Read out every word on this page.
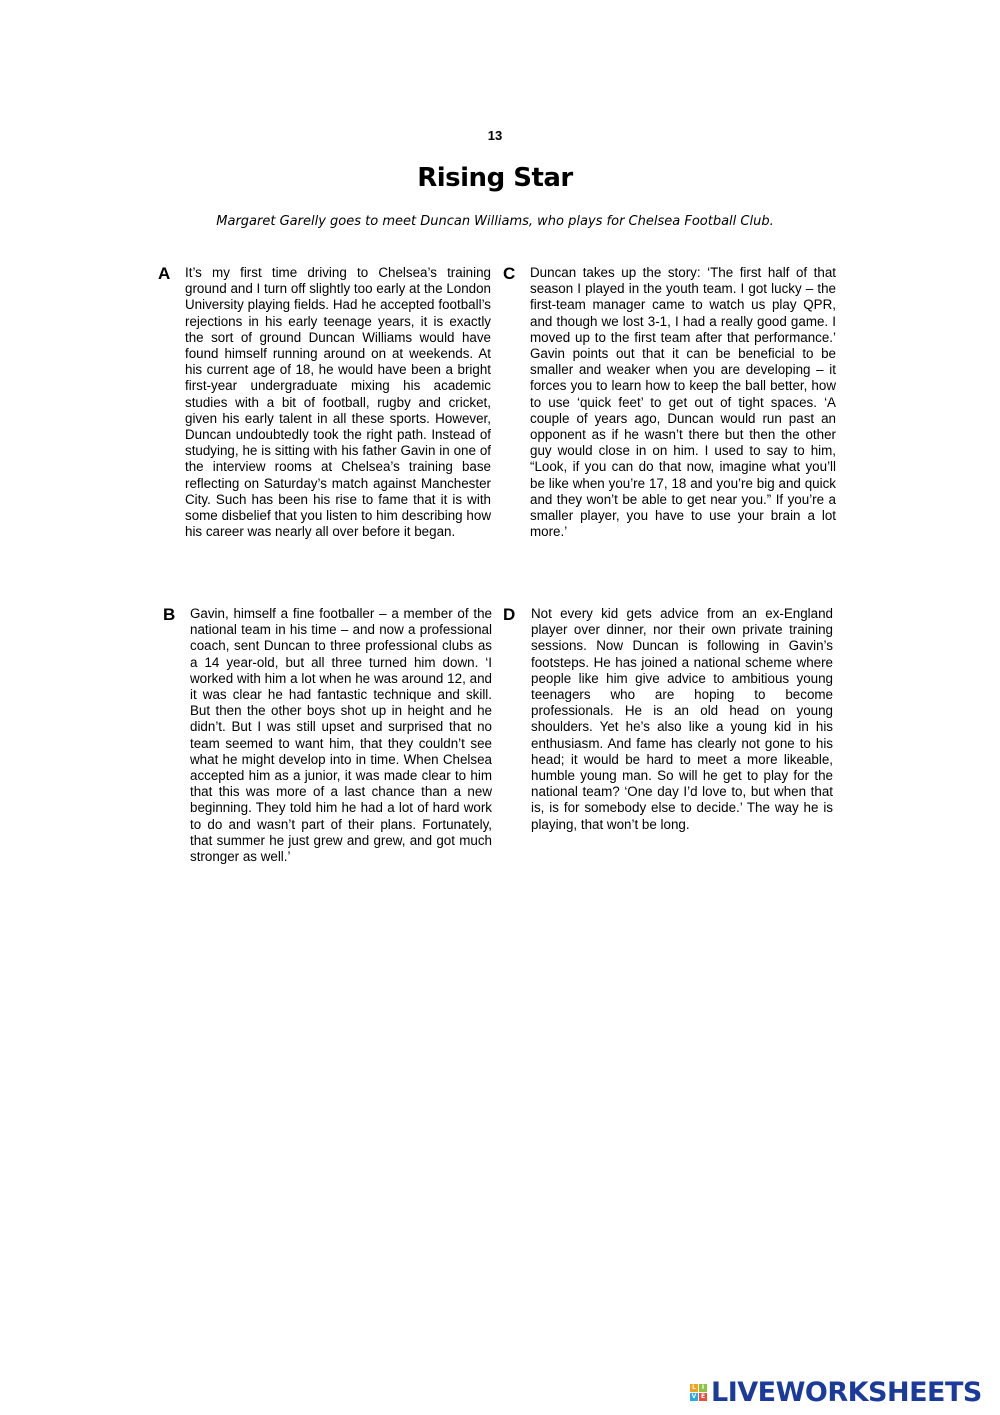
13
Rising Star
Margaret Garelly goes to meet Duncan Williams, who plays for Chelsea Football Club.
A It’s my first time driving to Chelsea’s training ground and I turn off slightly too early at the London University playing fields. Had he accepted football’s rejections in his early teenage years, it is exactly the sort of ground Duncan Williams would have found himself running around on at weekends. At his current age of 18, he would have been a bright first-year undergraduate mixing his academic studies with a bit of football, rugby and cricket, given his early talent in all these sports. However, Duncan undoubtedly took the right path. Instead of studying, he is sitting with his father Gavin in one of the interview rooms at Chelsea’s training base reflecting on Saturday’s match against Manchester City. Such has been his rise to fame that it is with some disbelief that you listen to him describing how his career was nearly all over before it began.

C Duncan takes up the story: ‘The first half of that season I played in the youth team. I got lucky – the first-team manager came to watch us play QPR, and though we lost 3-1, I had a really good game. I moved up to the first team after that performance.’ Gavin points out that it can be beneficial to be smaller and weaker when you are developing – it forces you to learn how to keep the ball better, how to use ‘quick feet’ to get out of tight spaces. ‘A couple of years ago, Duncan would run past an opponent as if he wasn’t there but then the other guy would close in on him. I used to say to him, “Look, if you can do that now, imagine what you’ll be like when you’re 17, 18 and you’re big and quick and they won’t be able to get near you.” If you’re a smaller player, you have to use your brain a lot more.’

B Gavin, himself a fine footballer – a member of the national team in his time – and now a professional coach, sent Duncan to three professional clubs as a 14 year-old, but all three turned him down. ‘I worked with him a lot when he was around 12, and it was clear he had fantastic technique and skill. But then the other boys shot up in height and he didn’t. But I was still upset and surprised that no team seemed to want him, that they couldn’t see what he might develop into in time. When Chelsea accepted him as a junior, it was made clear to him that this was more of a last chance than a new beginning. They told him he had a lot of hard work to do and wasn’t part of their plans. Fortunately, that summer he just grew and grew, and got much stronger as well.’

D Not every kid gets advice from an ex-England player over dinner, nor their own private training sessions. Now Duncan is following in Gavin’s footsteps. He has joined a national scheme where people like him give advice to ambitious young teenagers who are hoping to become professionals. He is an old head on young shoulders. Yet he’s also like a young kid in his enthusiasm. And fame has clearly not gone to his head; it would be hard to meet a more likeable, humble young man. So will he get to play for the national team? ‘One day I’d love to, but when that is, is for somebody else to decide.’ The way he is playing, that won’t be long.

L I
V E LIVEWORKSHEETS
